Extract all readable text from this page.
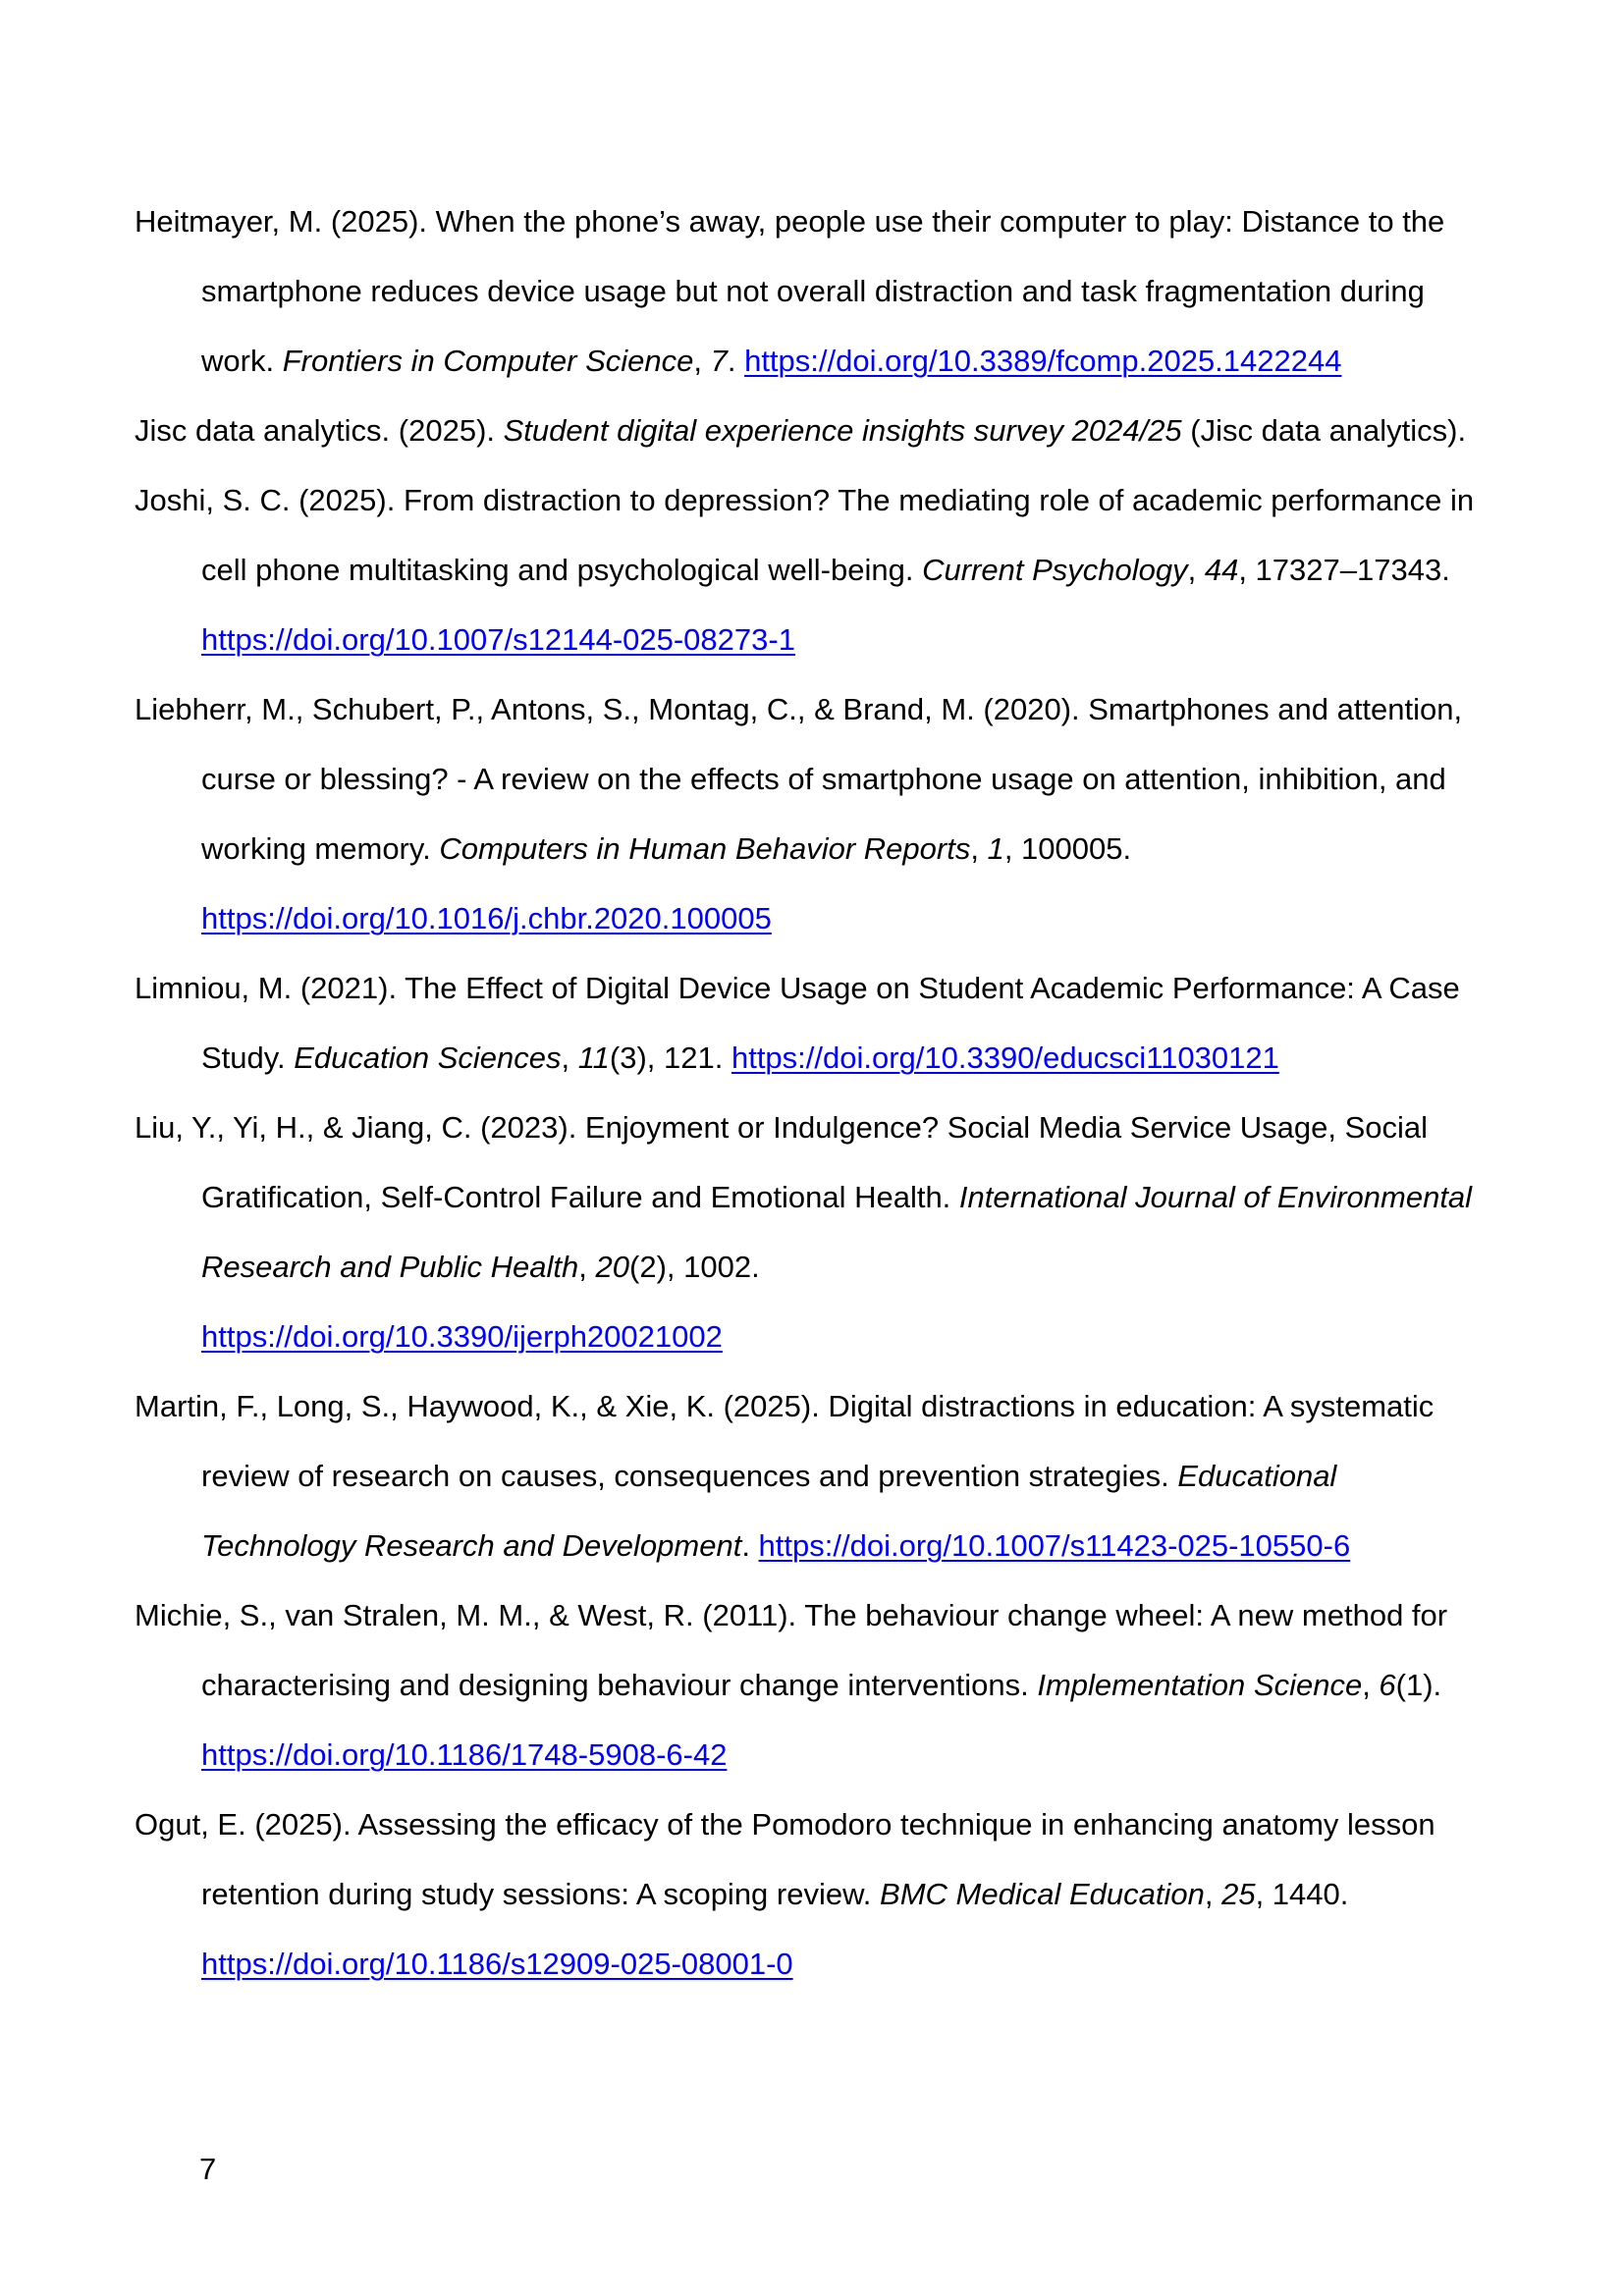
Heitmayer, M. (2025). When the phone’s away, people use their computer to play: Distance to the smartphone reduces device usage but not overall distraction and task fragmentation during work. Frontiers in Computer Science, 7. https://doi.org/10.3389/fcomp.2025.1422244

Jisc data analytics. (2025). Student digital experience insights survey 2024/25 (Jisc data analytics).

Joshi, S. C. (2025). From distraction to depression? The mediating role of academic performance in cell phone multitasking and psychological well-being. Current Psychology, 44, 17327–17343. https://doi.org/10.1007/s12144-025-08273-1

Liebherr, M., Schubert, P., Antons, S., Montag, C., & Brand, M. (2020). Smartphones and attention, curse or blessing? - A review on the effects of smartphone usage on attention, inhibition, and working memory. Computers in Human Behavior Reports, 1, 100005.
https://doi.org/10.1016/j.chbr.2020.100005

Limniou, M. (2021). The Effect of Digital Device Usage on Student Academic Performance: A Case Study. Education Sciences, 11(3), 121. https://doi.org/10.3390/educsci11030121

Liu, Y., Yi, H., & Jiang, C. (2023). Enjoyment or Indulgence? Social Media Service Usage, Social Gratification, Self-Control Failure and Emotional Health. International Journal of Environmental Research and Public Health, 20(2), 1002.
https://doi.org/10.3390/ijerph20021002

Martin, F., Long, S., Haywood, K., & Xie, K. (2025). Digital distractions in education: A systematic review of research on causes, consequences and prevention strategies. Educational Technology Research and Development. https://doi.org/10.1007/s11423-025-10550-6

Michie, S., van Stralen, M. M., & West, R. (2011). The behaviour change wheel: A new method for characterising and designing behaviour change interventions. Implementation Science, 6(1). https://doi.org/10.1186/1748-5908-6-42

Ogut, E. (2025). Assessing the efficacy of the Pomodoro technique in enhancing anatomy lesson retention during study sessions: A scoping review. BMC Medical Education, 25, 1440.
https://doi.org/10.1186/s12909-025-08001-0

7
